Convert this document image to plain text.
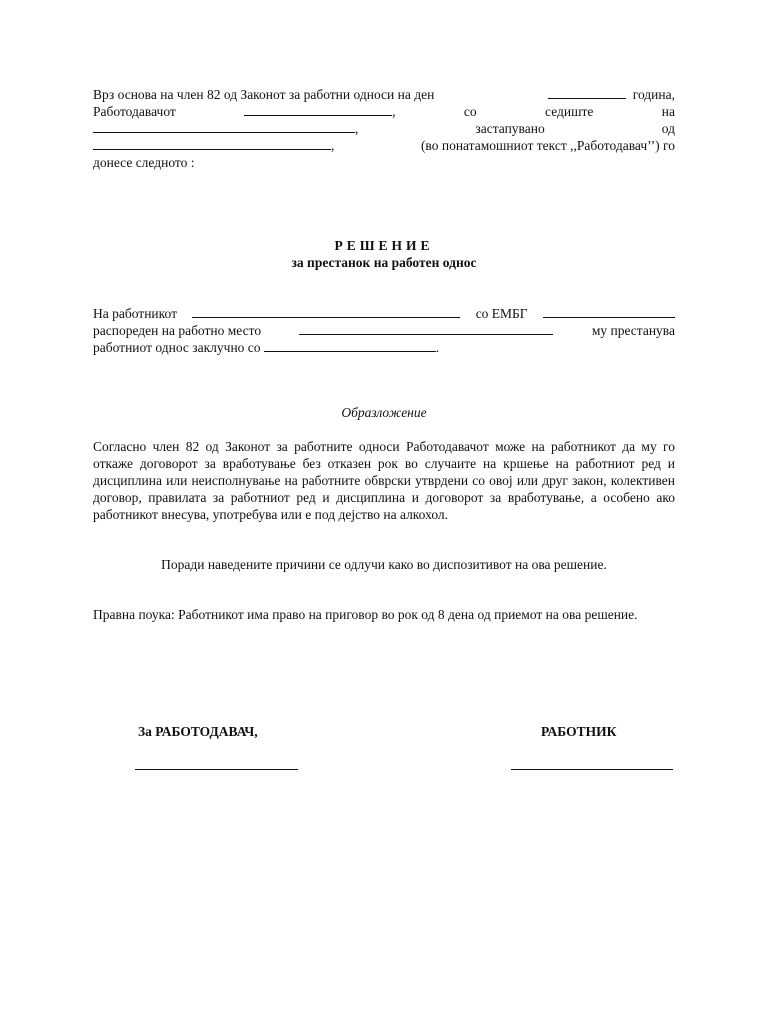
Врз основа на член 82 од Законот за работни односи на ден	година,
Работодавачот	,	со	седиште	на
,	застапувано	од
,	(во понатамошниот текст ,,Работодавач’’) го
донесе следното :
РЕШЕНИЕ
за престанок на работен однос
На работникот	со ЕМБГ
распореден на работно место	му престанува
работниот однос заклучно со	.
Образложение
Согласно член 82 од Законот за работните односи Работодавачот може на работникот да му го откаже договорот за вработување без отказен рок во случаите на кршење на работниот ред и дисциплина или неисполнување на работните обврски утврдени со овој или друг закон, колективен договор, правилата за работниот ред и дисциплина и договорот за вработување, а особено ако работникот внесува, употребува или е под дејство на алкохол.
Поради наведените причини се одлучи како во диспозитивот на ова решение.
Правна поука: Работникот има право на приговор во рок од 8 дена од приемот на ова решение.
За РАБОТОДАВАЧ,	РАБОТНИК
